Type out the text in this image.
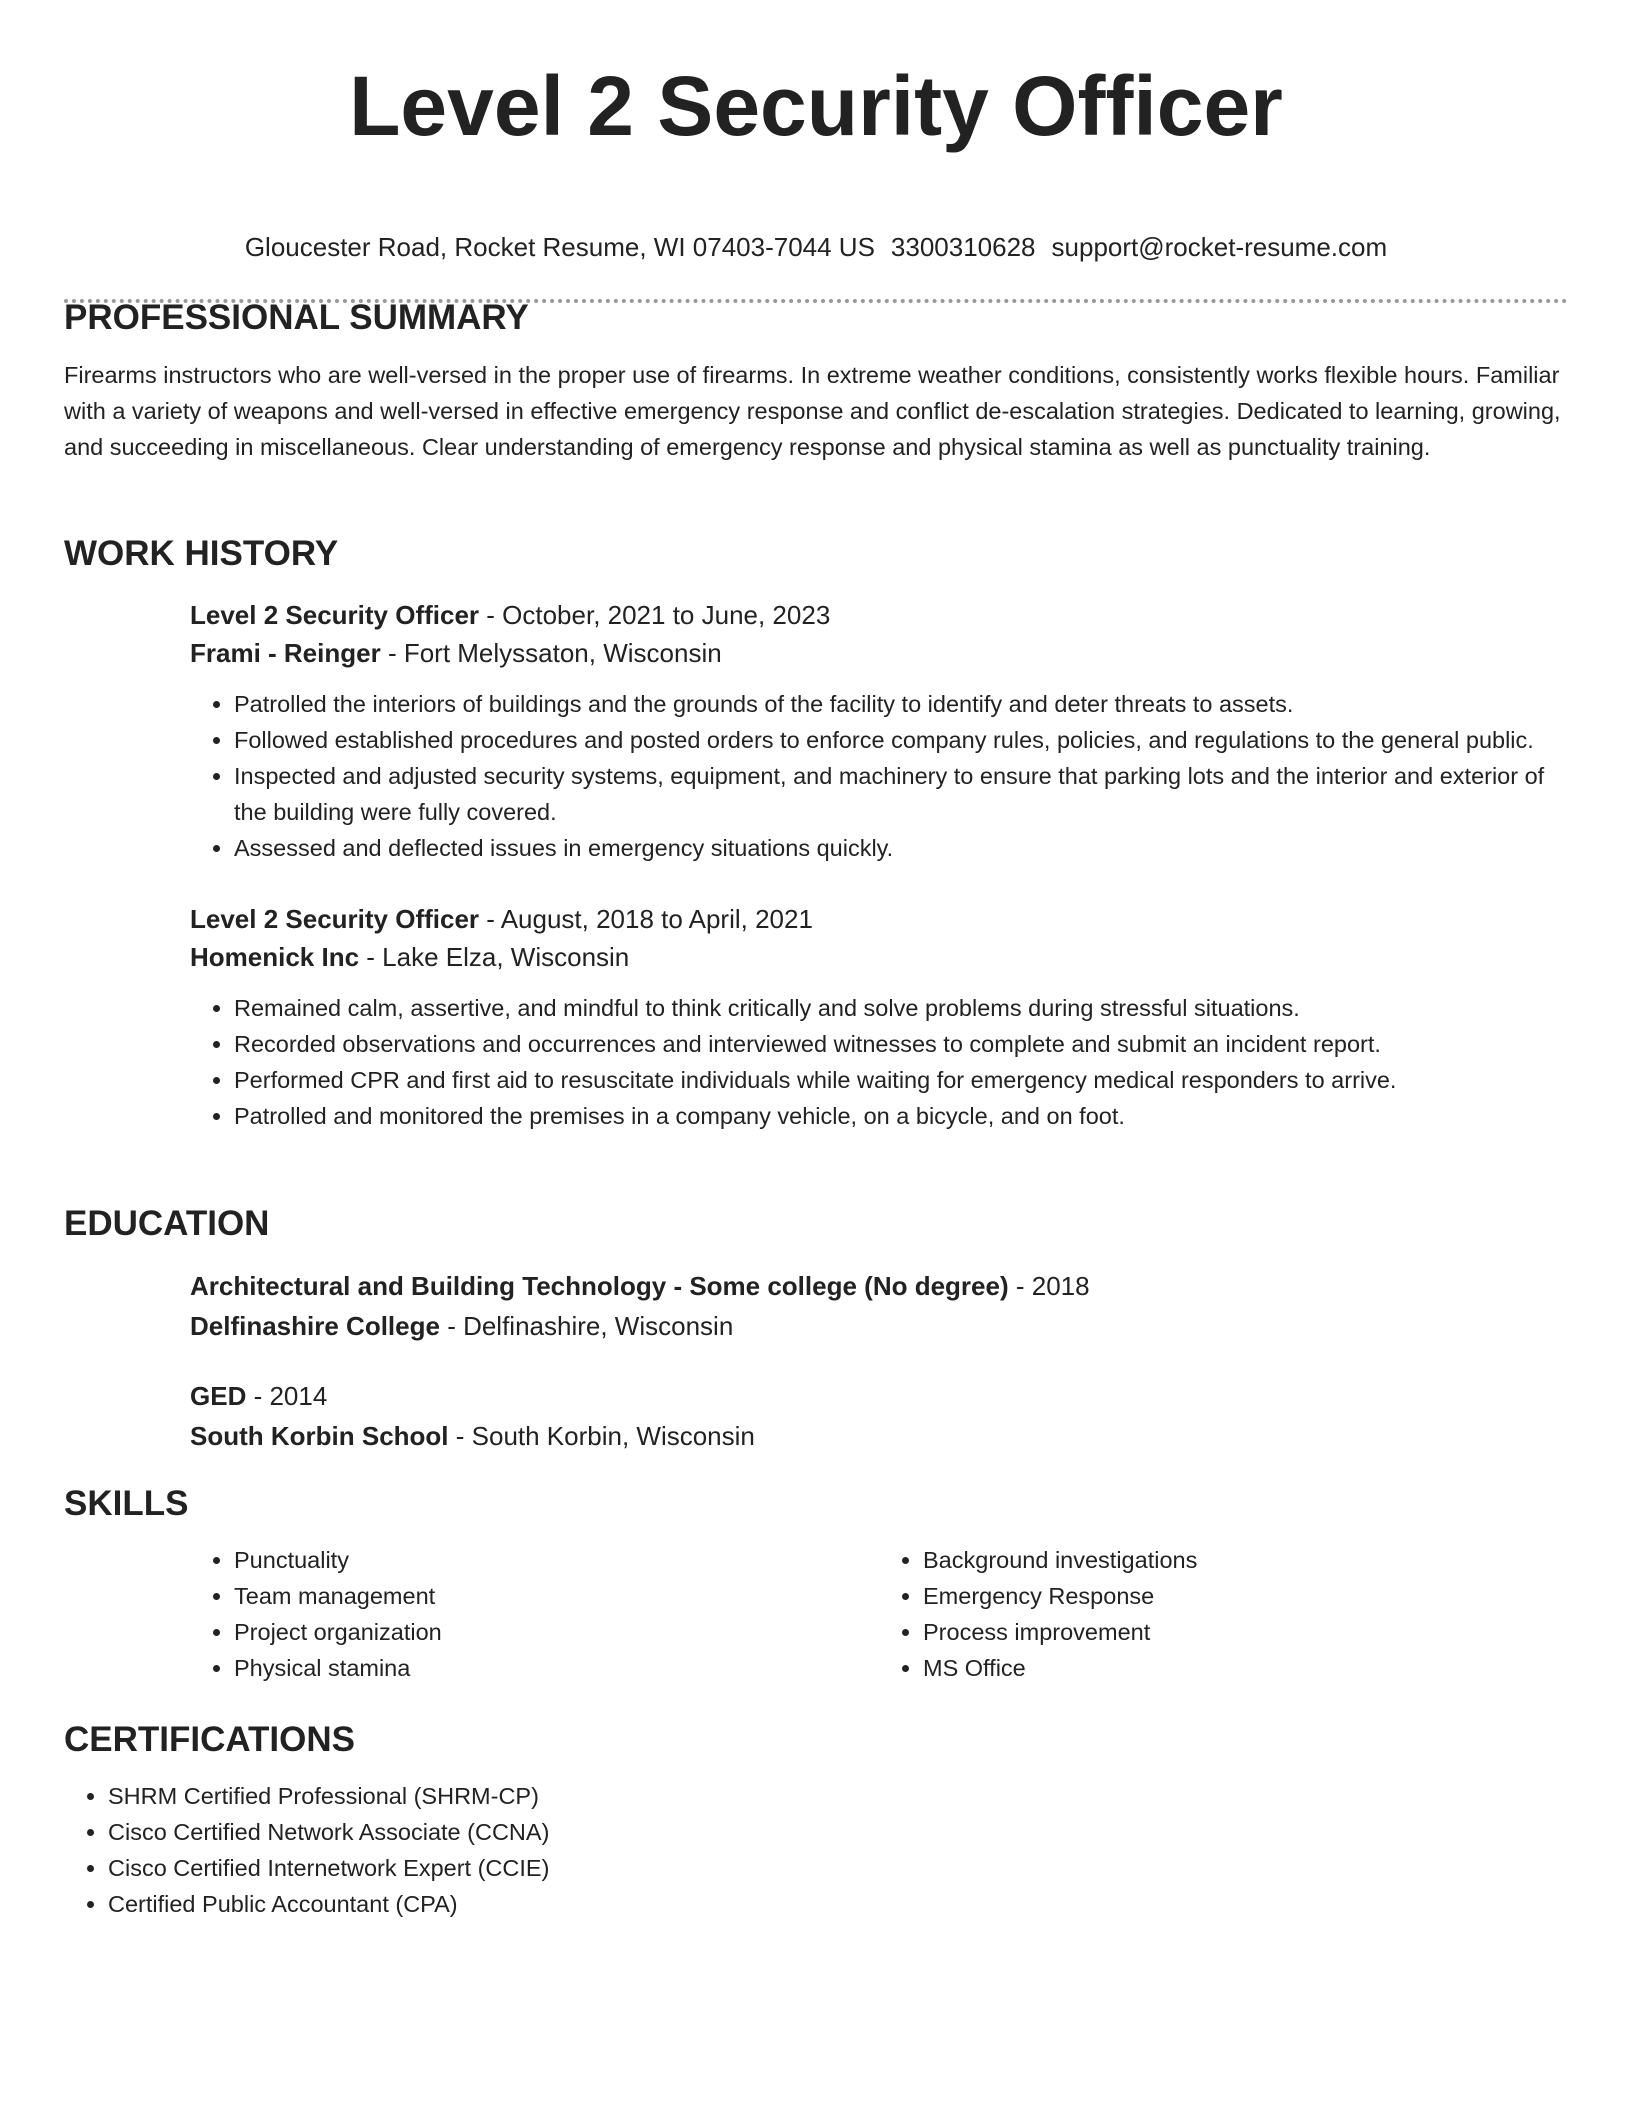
Level 2 Security Officer
Gloucester Road, Rocket Resume, WI 07403-7044 US 3300310628 support@rocket-resume.com
PROFESSIONAL SUMMARY

Firearms instructors who are well-versed in the proper use of firearms. In extreme weather conditions, consistently works flexible hours. Familiar with a variety of weapons and well-versed in effective emergency response and conflict de-escalation strategies. Dedicated to learning, growing, and succeeding in miscellaneous. Clear understanding of emergency response and physical stamina as well as punctuality training.

WORK HISTORY
Level 2 Security Officer - October, 2021 to June, 2023
Frami - Reinger - Fort Melyssaton, Wisconsin
• Patrolled the interiors of buildings and the grounds of the facility to identify and deter threats to assets.
• Followed established procedures and posted orders to enforce company rules, policies, and regulations to the general public.
• Inspected and adjusted security systems, equipment, and machinery to ensure that parking lots and the interior and exterior of the building were fully covered.
• Assessed and deflected issues in emergency situations quickly.
Level 2 Security Officer - August, 2018 to April, 2021
Homenick Inc - Lake Elza, Wisconsin
• Remained calm, assertive, and mindful to think critically and solve problems during stressful situations.
• Recorded observations and occurrences and interviewed witnesses to complete and submit an incident report.
• Performed CPR and first aid to resuscitate individuals while waiting for emergency medical responders to arrive.
• Patrolled and monitored the premises in a company vehicle, on a bicycle, and on foot.
EDUCATION
Architectural and Building Technology - Some college (No degree) - 2018
Delfinashire College - Delfinashire, Wisconsin
GED - 2014
South Korbin School - South Korbin, Wisconsin
SKILLS
• Punctuality
• Team management
• Project organization
• Physical stamina
• Background investigations
• Emergency Response
• Process improvement
• MS Office
CERTIFICATIONS
• SHRM Certified Professional (SHRM-CP)
• Cisco Certified Network Associate (CCNA)
• Cisco Certified Internetwork Expert (CCIE)
• Certified Public Accountant (CPA)
